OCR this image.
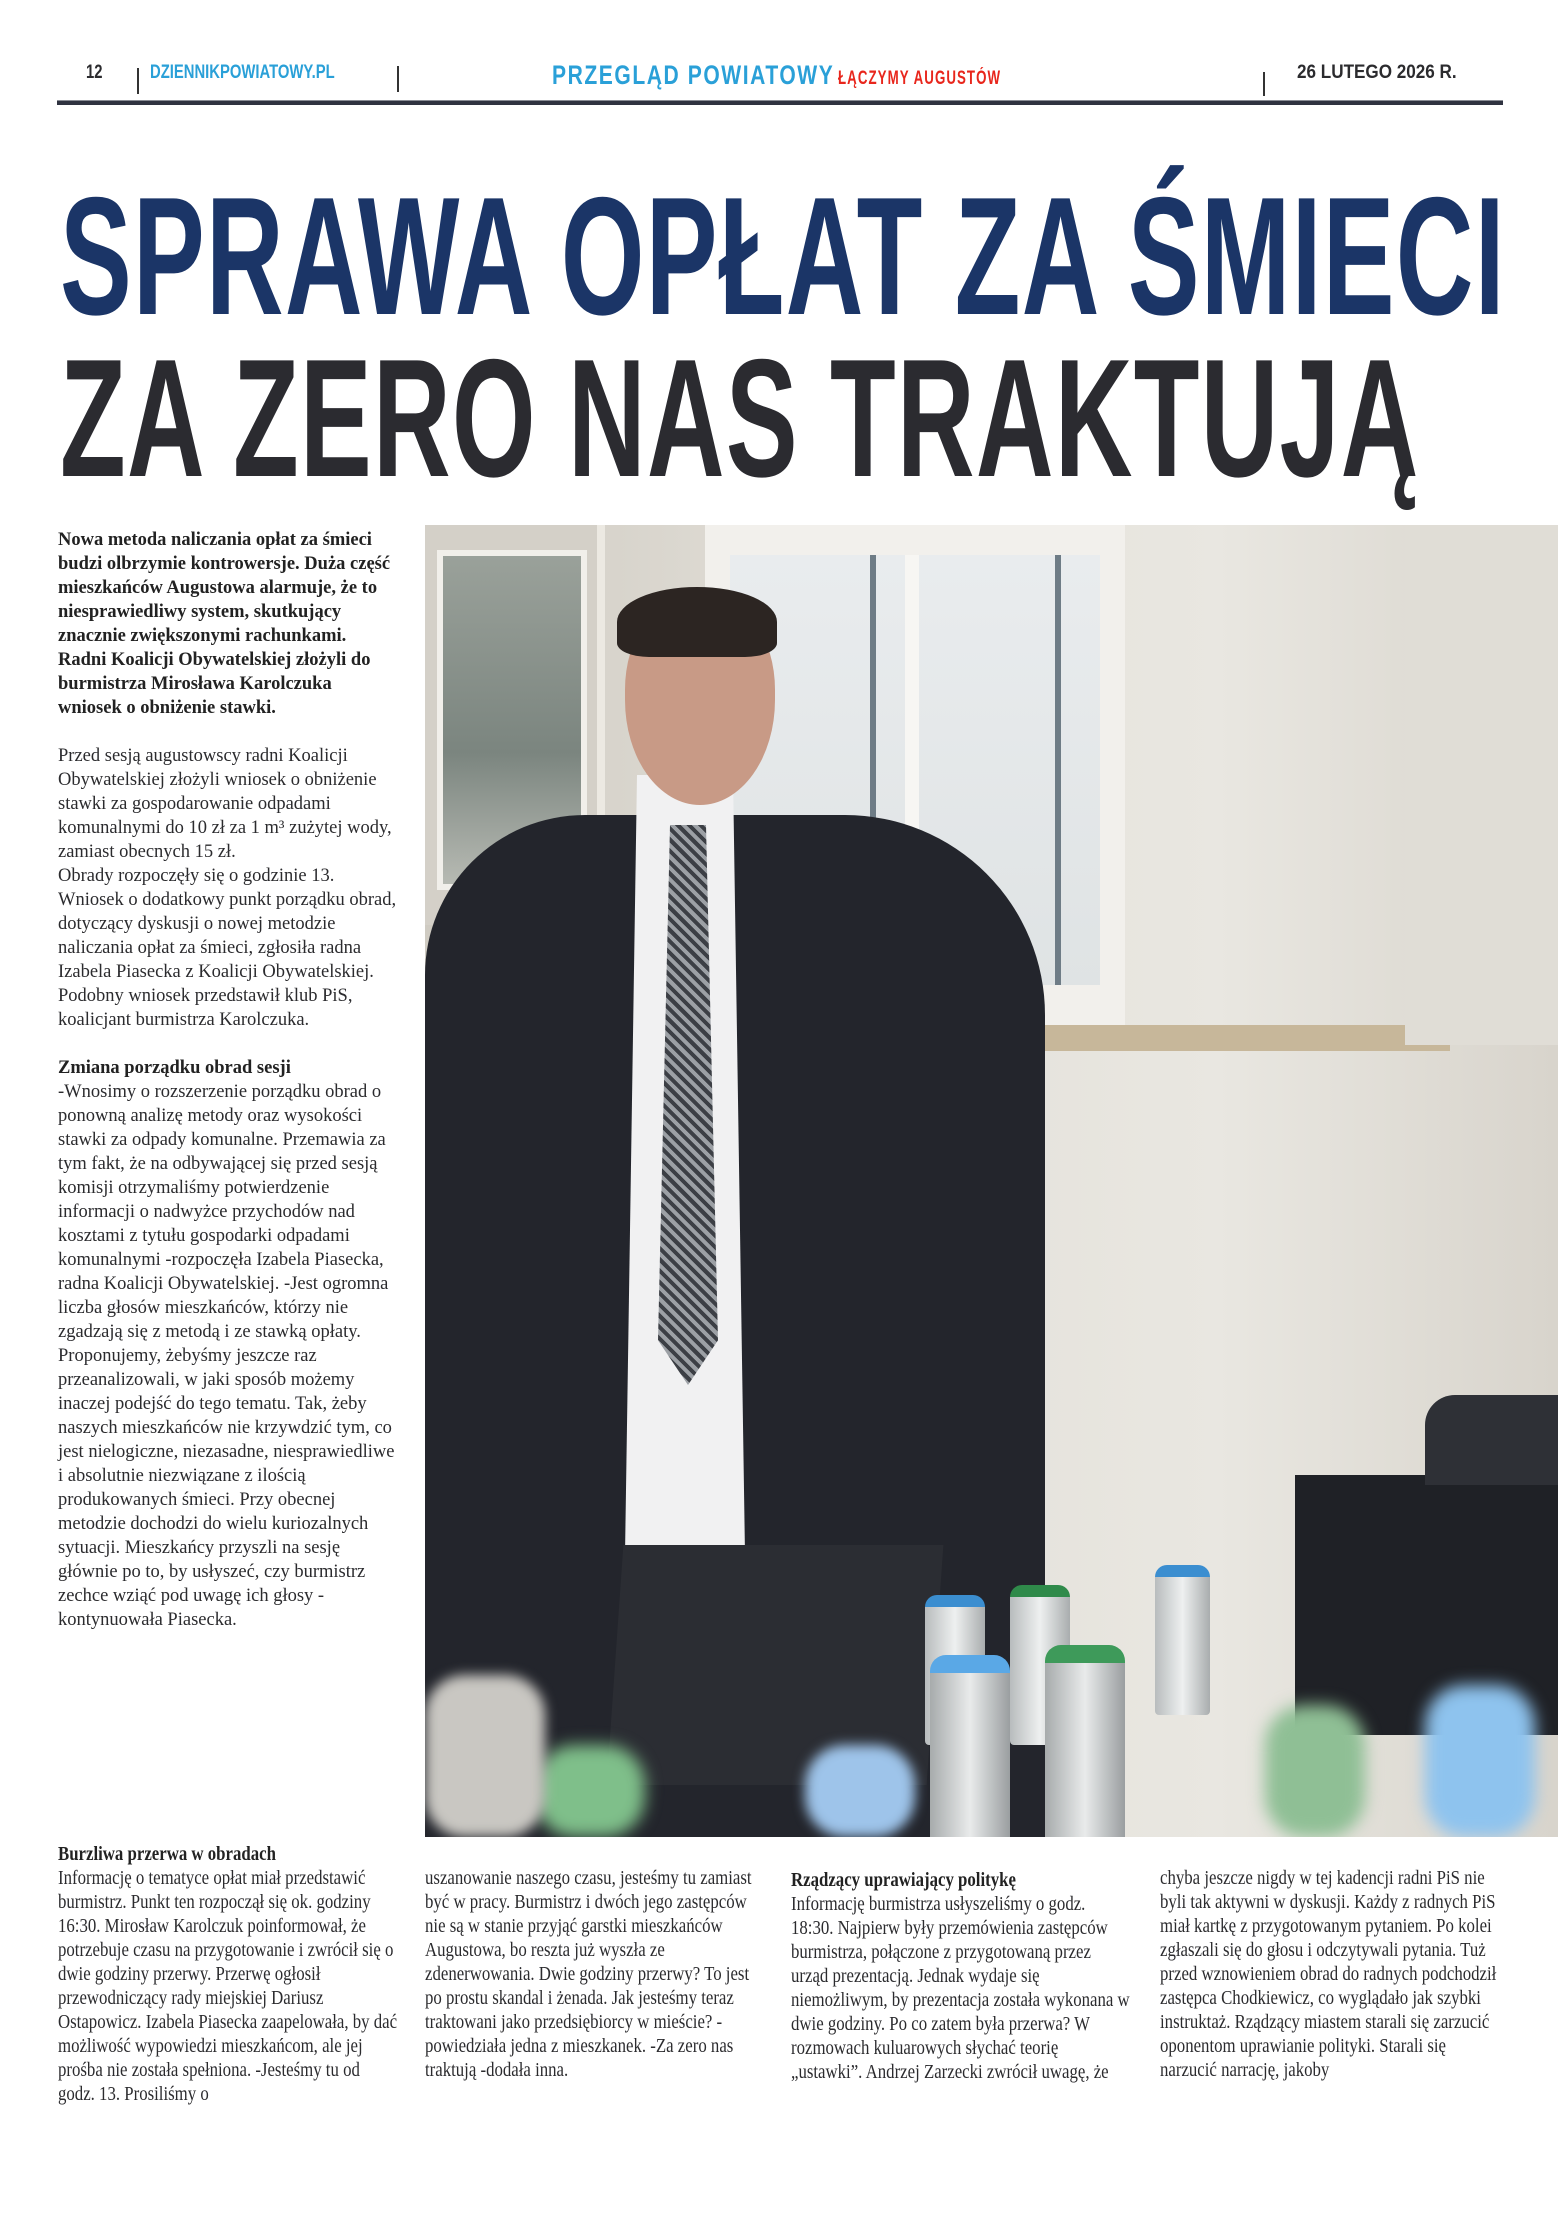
12	DZIENNIKPOWIATOWY.PL	PRZEGLĄD POWIATOWY ŁĄCZYMY AUGUSTÓW	26 LUTEGO 2026 R.
SPRAWA OPŁAT ZA ŚMIECI
ZA ZERO NAS TRAKTUJĄ

Nowa metoda naliczania opłat za śmieci budzi olbrzymie kontrowersje. Duża część mieszkańców Augustowa alarmuje, że to niesprawiedliwy system, skutkujący znacznie zwiększonymi rachunkami. Radni Koalicji Obywatelskiej złożyli do burmistrza Mirosława Karolczuka wniosek o obniżenie stawki.

Przed sesją augustowscy radni Koalicji Obywatelskiej złożyli wniosek o obniżenie stawki za gospodarowanie odpadami komunalnymi do 10 zł za 1 m³ zużytej wody, zamiast obecnych 15 zł.

Obrady rozpoczęły się o godzinie 13. Wniosek o dodatkowy punkt porządku obrad, dotyczący dyskusji o nowej metodzie naliczania opłat za śmieci, zgłosiła radna Izabela Piasecka z Koalicji Obywatelskiej. Podobny wniosek przedstawił klub PiS, koalicjant burmistrza Karolczuka.

Zmiana porządku obrad sesji

-Wnosimy o rozszerzenie porządku obrad o ponowną analizę metody oraz wysokości stawki za odpady komunalne. Przemawia za tym fakt, że na odbywającej się przed sesją komisji otrzymaliśmy potwierdzenie informacji o nadwyżce przychodów nad kosztami z tytułu gospodarki odpadami komunalnymi -rozpoczęła Izabela Piasecka, radna Koalicji Obywatelskiej. -Jest ogromna liczba głosów mieszkańców, którzy nie zgadzają się z metodą i ze stawką opłaty. Proponujemy, żebyśmy jeszcze raz przeanalizowali, w jaki sposób możemy inaczej podejść do tego tematu. Tak, żeby naszych mieszkańców nie krzywdzić tym, co jest nielogiczne, niezasadne, niesprawiedliwe i absolutnie niezwiązane z ilością produkowanych śmieci. Przy obecnej metodzie dochodzi do wielu kuriozalnych sytuacji. Mieszkańcy przyszli na sesję głównie po to, by usłyszeć, czy burmistrz zechce wziąć pod uwagę ich głosy -kontynuowała Piasecka.

Burzliwa przerwa w obradach

Informację o tematyce opłat miał przedstawić burmistrz. Punkt ten rozpoczął się ok. godziny 16:30. Mirosław Karolczuk poinformował, że potrzebuje czasu na przygotowanie i zwrócił się o dwie godziny przerwy. Przerwę ogłosił przewodniczący rady miejskiej Dariusz Ostapowicz. Izabela Piasecka zaapelowała, by dać możliwość wypowiedzi mieszkańcom, ale jej prośba nie została spełniona. -Jesteśmy tu od godz. 13. Prosiliśmy o

uszanowanie naszego czasu, jesteśmy tu zamiast być w pracy. Burmistrz i dwóch jego zastępców nie są w stanie przyjąć garstki mieszkańców Augustowa, bo reszta już wyszła ze zdenerwowania. Dwie godziny przerwy? To jest po prostu skandal i żenada. Jak jesteśmy teraz traktowani jako przedsiębiorcy w mieście? -powiedziała jedna z mieszkanek. -Za zero nas traktują -dodała inna.

Rządzący uprawiający politykę

Informację burmistrza usłyszeliśmy o godz. 18:30. Najpierw były przemówienia zastępców burmistrza, połączone z przygotowaną przez urząd prezentacją. Jednak wydaje się niemożliwym, by prezentacja została wykonana w dwie godziny. Po co zatem była przerwa? W rozmowach kuluarowych słychać teorię „ustawki”. Andrzej Zarzecki zwrócił uwagę, że

chyba jeszcze nigdy w tej kadencji radni PiS nie byli tak aktywni w dyskusji. Każdy z radnych PiS miał kartkę z przygotowanym pytaniem. Po kolei zgłaszali się do głosu i odczytywali pytania. Tuż przed wznowieniem obrad do radnych podchodził zastępca Chodkiewicz, co wyglądało jak szybki instruktaż. Rządzący miastem starali się zarzucić oponentom uprawianie polityki. Starali się narzucić narrację, jakoby
